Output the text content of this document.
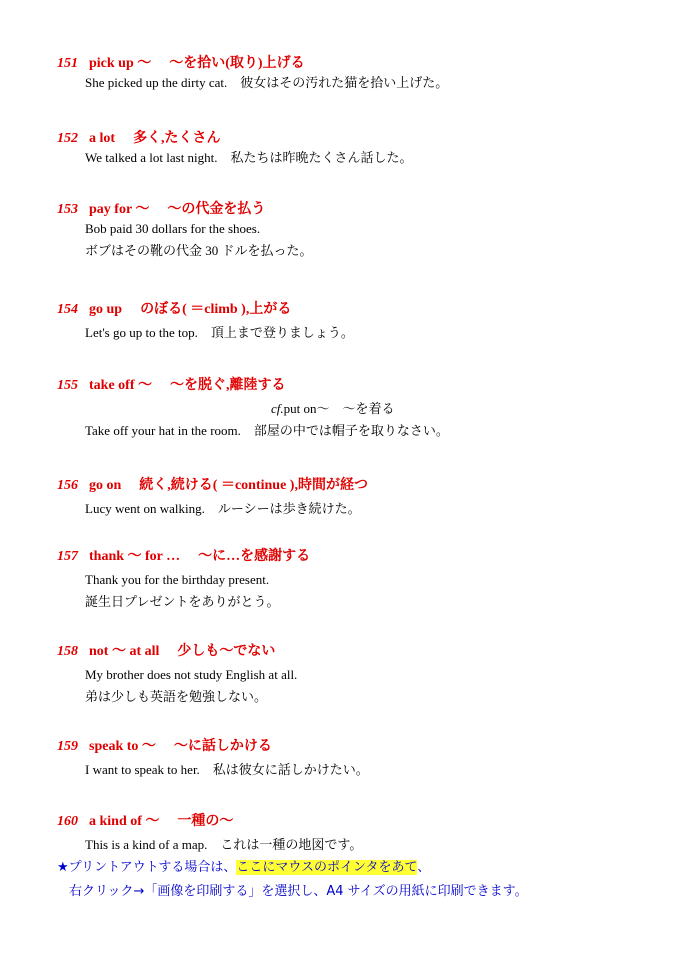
151 pick up ～ ～を拾い(取り)上げる
She picked up the dirty cat.　彼女はその汚れた猫を拾い上げた。
152 a lot 多く,たくさん
We talked a lot last night.　私たちは昨晩たくさん話した。
153 pay for ～ ～の代金を払う
Bob paid 30 dollars for the shoes.
ボブはその靴の代金 30 ドルを払った。
154 go up のぼる( ＝climb ),上がる
Let's go up to the top.　頂上まで登りましょう。
155 take off ～ ～を脱ぐ,離陸する
cf.put on～　～を着る
Take off your hat in the room.　部屋の中では帽子を取りなさい。
156 go on 続く,続ける( ＝continue ),時間が経つ
Lucy went on walking.　ルーシーは歩き続けた。
157 thank ～ for … ～に…を感謝する
Thank you for the birthday present.
誕生日プレゼントをありがとう。
158 not ～ at all 少しも～でない
My brother does not study English at all.
弟は少しも英語を勉強しない。
159 speak to ～ ～に話しかける
I want to speak to her.　私は彼女に話しかけたい。
160 a kind of ～ 一種の～
This is a kind of a map.　これは一種の地図です。
★プリントアウトする場合は、ここにマウスのポインタをあて、
右クリック→「画像を印刷する」を選択し、A4 サイズの用紙に印刷できます。
